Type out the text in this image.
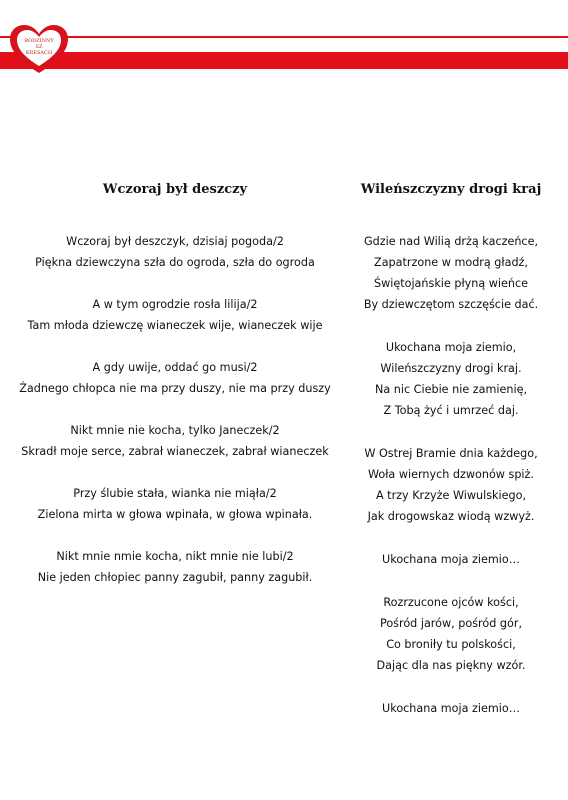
RODZINNY
SZ
KRESACH
Wczoraj był deszczy
Wczoraj był deszczyk, dzisiaj pogoda/2
Piękna dziewczyna szła do ogroda, szła do ogroda
A w tym ogrodzie rosła lilija/2
Tam młoda dziewczę wianeczek wije, wianeczek wije
A gdy uwije, oddać go musi/2
Żadnego chłopca nie ma przy duszy, nie ma przy duszy
Nikt mnie nie kocha, tylko Janeczek/2
Skradł moje serce, zabrał wianeczek, zabrał wianeczek
Przy ślubie stała, wianka nie miąła/2
Zielona mirta w głowa wpinała, w głowa wpinała.
Nikt mnie nmie kocha, nikt mnie nie lubi/2
Nie jeden chłopiec panny zagubił, panny zagubił.
Wileńszczyzny drogi kraj
Gdzie nad Wilią drżą kaczeńce,
Zapatrzone w modrą gładź,
Świętojańskie płyną wieńce
By dziewczętom szczęście dać.
Ukochana moja ziemio,
Wileńszczyzny drogi kraj.
Na nic Ciebie nie zamienię,
Z Tobą żyć i umrzeć daj.
W Ostrej Bramie dnia każdego,
Woła wiernych dzwonów spiż.
A trzy Krzyże Wiwulskiego,
Jak drogowskaz wiodą wzwyż.
Ukochana moja ziemio…
Rozrzucone ojców kości,
Pośród jarów, pośród gór,
Co broniły tu polskości,
Dając dla nas piękny wzór.
Ukochana moja ziemio…
